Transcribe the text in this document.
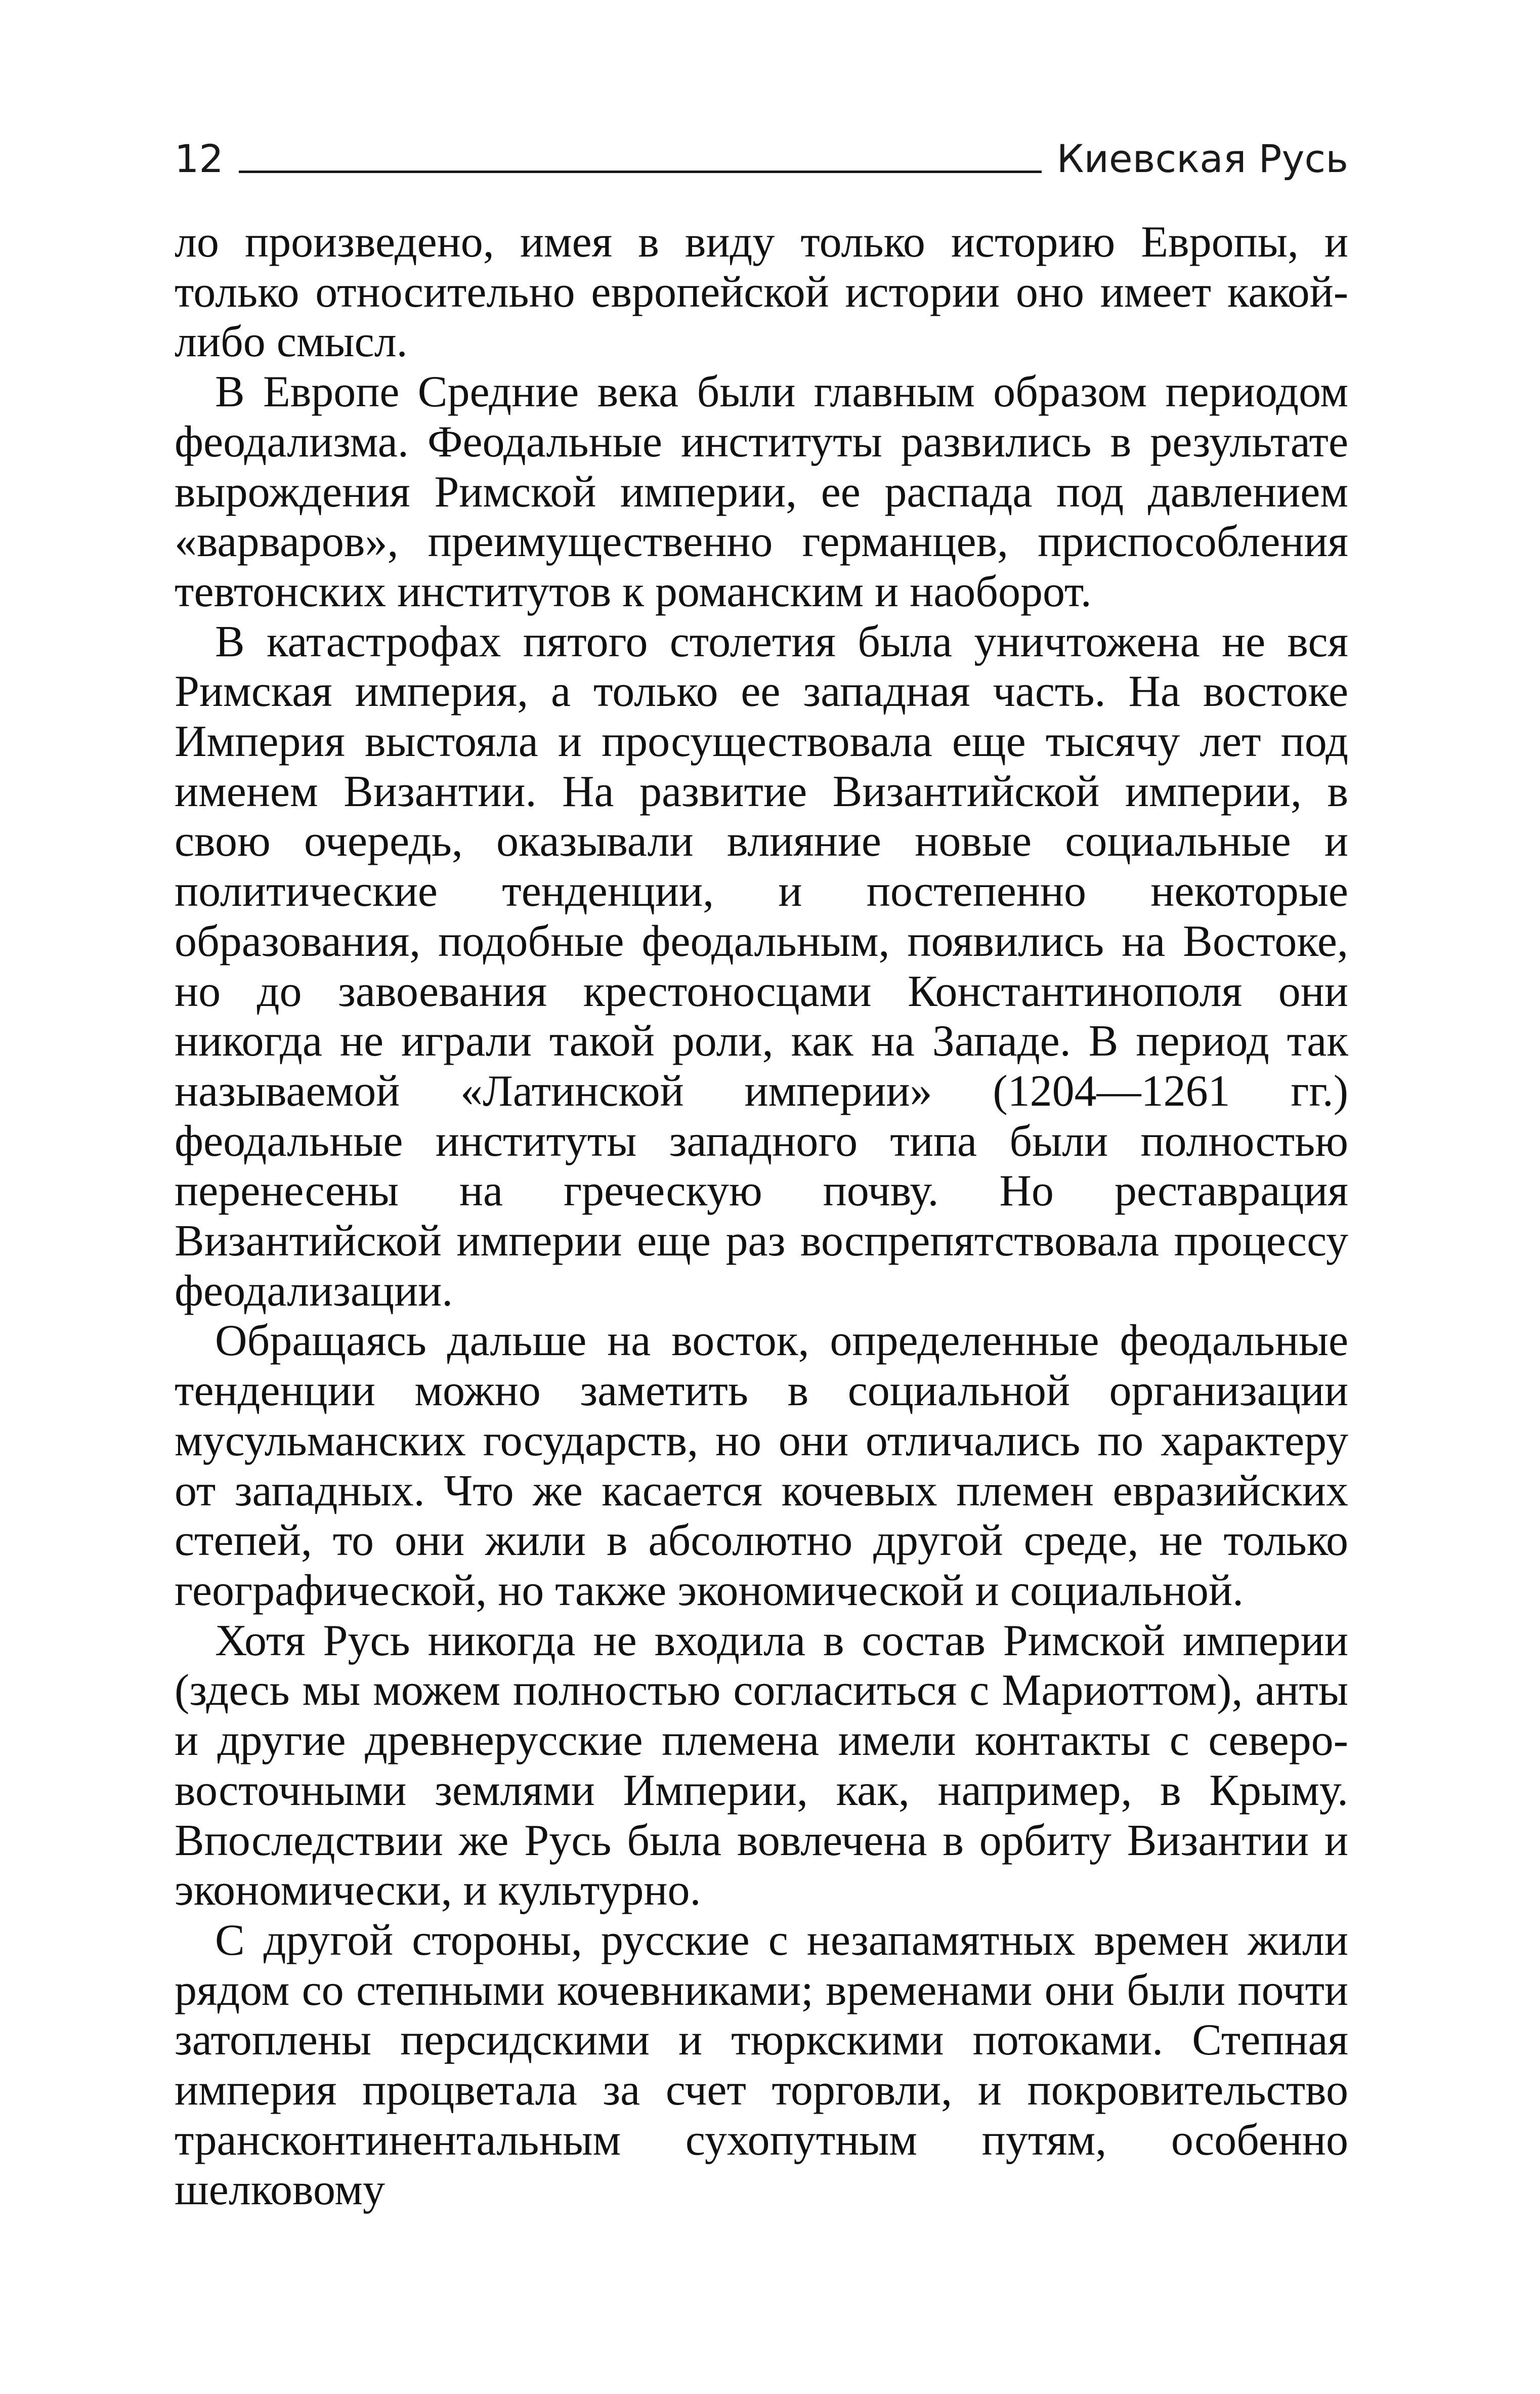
12	Киевская Русь

ло произведено, имея в виду только историю Европы, и только относительно европейской истории оно имеет какой-либо смысл.

В Европе Средние века были главным образом периодом феодализма. Феодальные институты развились в результате вырождения Римской империи, ее распада под давлением «варваров», преимущественно германцев, приспособления тевтонских институтов к романским и наоборот.

В катастрофах пятого столетия была уничтожена не вся Римская империя, а только ее западная часть. На востоке Империя выстояла и просуществовала еще тысячу лет под именем Византии. На развитие Византийской империи, в свою очередь, оказывали влияние новые социальные и политические тенденции, и постепенно некоторые образования, подобные феодальным, появились на Востоке, но до завоевания крестоносцами Константинополя они никогда не играли такой роли, как на Западе. В период так называемой «Латинской империи» (1204—1261 гг.) феодальные институты западного типа были полностью перенесены на греческую почву. Но реставрация Византийской империи еще раз воспрепятствовала процессу феодализации.

Обращаясь дальше на восток, определенные феодальные тенденции можно заметить в социальной организации мусульманских государств, но они отличались по характеру от западных. Что же касается кочевых племен евразийских степей, то они жили в абсолютно другой среде, не только географической, но также экономической и социальной.

Хотя Русь никогда не входила в состав Римской империи (здесь мы можем полностью согласиться с Мариоттом), анты и другие древнерусские племена имели контакты с северо-восточными землями Империи, как, например, в Крыму. Впоследствии же Русь была вовлечена в орбиту Византии и экономически, и культурно.

С другой стороны, русские с незапамятных времен жили рядом со степными кочевниками; временами они были почти затоплены персидскими и тюркскими потоками. Степная империя процветала за счет торговли, и покровительство трансконтинентальным сухопутным путям, особенно шелковому
